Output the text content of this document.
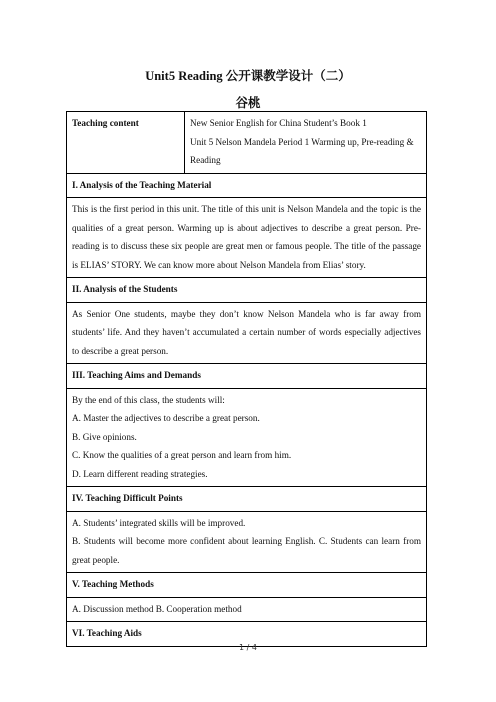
Unit5 Reading 公开课教学设计（二）
谷桃
Teaching content	New Senior English for China Student’s Book 1
Unit 5 Nelson Mandela Period 1 Warming up, Pre-reading & Reading

I. Analysis of the Teaching Material
This is the first period in this unit. The title of this unit is Nelson Mandela and the topic is the qualities of a great person. Warming up is about adjectives to describe a great person. Pre-reading is to discuss these six people are great men or famous people. The title of the passage is ELIAS’ STORY. We can know more about Nelson Mandela from Elias’ story.
II. Analysis of the Students
As Senior One students, maybe they don’t know Nelson Mandela who is far away from students’ life. And they haven’t accumulated a certain number of words especially adjectives to describe a great person.
III. Teaching Aims and Demands

By the end of this class, the students will:
A. Master the adjectives to describe a great person.
B. Give opinions.
C. Know the qualities of a great person and learn from him.
D. Learn different reading strategies.

IV. Teaching Difficult Points

A. Students’ integrated skills will be improved.
B. Students will become more confident about learning English. C. Students can learn from great people.

V. Teaching Methods

A. Discussion method B. Cooperation method

VI. Teaching Aids
1 / 4
